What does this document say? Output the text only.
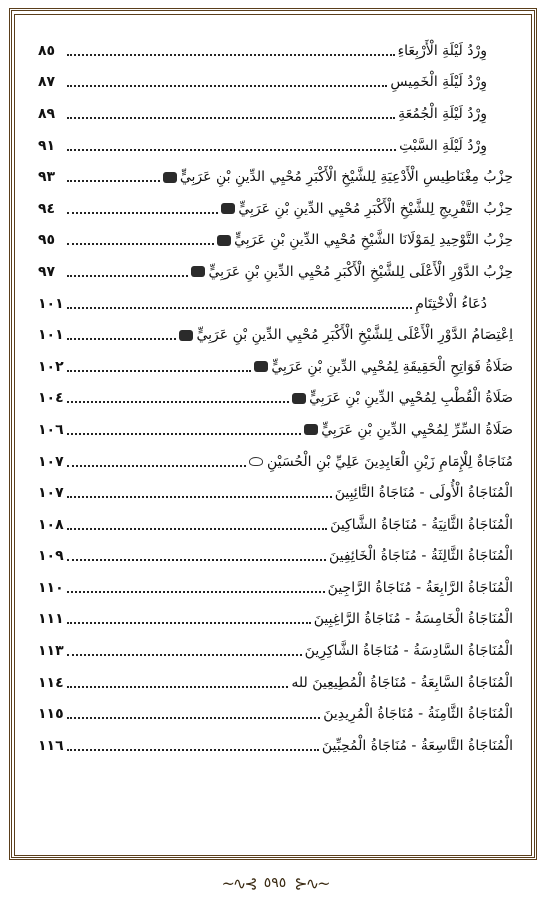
وِرْدُ لَيْلَةِ الْأَرْبِعَاءِ
٨٥
وِرْدُ لَيْلَةِ الْخَمِيسِ
٨٧
وِرْدُ لَيْلَةِ الْجُمُعَةِ
٨٩
وِرْدُ لَيْلَةِ السَّبْتِ
٩١
حِزْبُ مِغْنَاطِيسِ الْأَدْعِيَةِ لِلشَّيْخِ الْأَكْبَرِ مُحْيِي الدِّينِ بْنِ عَرَبِيٍّ
٩٣
حِزْبُ التَّفْرِيجِ لِلشَّيْخِ الْأَكْبَرِ مُحْيِي الدِّينِ بْنِ عَرَبِيٍّ
٩٤
حِزْبُ التَّوْحِيدِ لِمَوْلَانَا الشَّيْخِ مُحْيِي الدِّينِ بْنِ عَرَبِيٍّ
٩٥
حِزْبُ الدَّوْرِ الْأَعْلَى لِلشَّيْخِ الْأَكْبَرِ مُحْيِي الدِّينِ بْنِ عَرَبِيٍّ
٩٧
دُعَاءُ الْاخْتِتَامِ
١٠١
اِعْتِصَامُ الدَّوْرِ الْأَعْلَى لِلشَّيْخِ الْأَكْبَرِ مُحْيِي الدِّينِ بْنِ عَرَبِيٍّ
١٠١
صَلَاةُ فَوَاتِحِ الْحَقِيقَةِ لِمُحْيِي الدِّينِ بْنِ عَرَبِيٍّ
١٠٢
صَلَاةُ الْقُطْبِ لِمُحْيِي الدِّينِ بْنِ عَرَبِيٍّ
١٠٤
صَلَاةُ السِّرِّ لِمُحْيِي الدِّينِ بْنِ عَرَبِيٍّ
١٠٦
مُنَاجَاةٌ لِلْإِمَامِ زَيْنِ الْعَابِدِينَ عَلِيِّ بْنِ الْحُسَيْنِ
١٠٧
الْمُنَاجَاةُ الْأُولَى - مُنَاجَاةُ التَّائِبِينَ
١٠٧
الْمُنَاجَاةُ الثَّانِيَةُ - مُنَاجَاةُ الشَّاكِينَ
١٠٨
الْمُنَاجَاةُ الثَّالِثَةُ - مُنَاجَاةُ الْخَائِفِينَ
١٠٩
الْمُنَاجَاةُ الرَّابِعَةُ - مُنَاجَاةُ الرَّاجِينَ
١١٠
الْمُنَاجَاةُ الْخَامِسَةُ - مُنَاجَاةُ الرَّاغِبِينَ
١١١
الْمُنَاجَاةُ السَّادِسَةُ - مُنَاجَاةُ الشَّاكِرِينَ
١١٣
الْمُنَاجَاةُ السَّابِعَةُ - مُنَاجَاةُ الْمُطِيعِينَ لله
١١٤
الْمُنَاجَاةُ الثَّامِنَةُ - مُنَاجَاةُ الْمُرِيدِينَ
١١٥
الْمُنَاجَاةُ التَّاسِعَةُ - مُنَاجَاةُ الْمُحِبِّينَ
١١٦
~∿⊰ ٥٩٥ ⊱∿~
